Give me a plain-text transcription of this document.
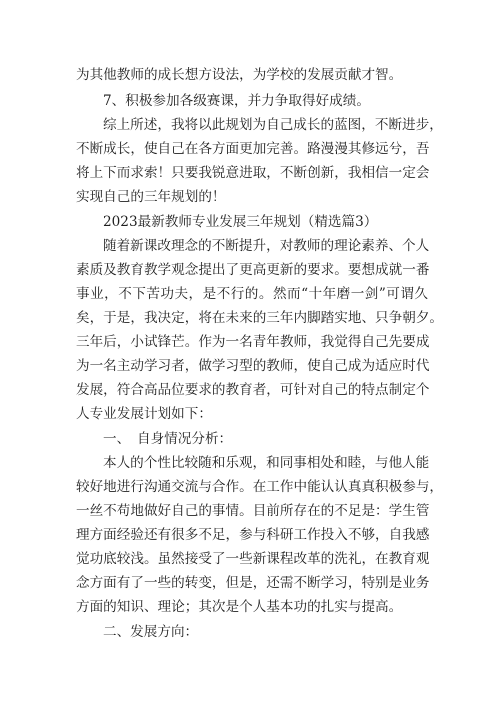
为其他教师的成长想方设法，为学校的发展贡献才智。
7、积极参加各级赛课，并力争取得好成绩。
综上所述，我将以此规划为自己成长的蓝图，不断进步，
不断成长，使自己在各方面更加完善。路漫漫其修远兮，吾
将上下而求索！只要我锐意进取，不断创新，我相信一定会
实现自己的三年规划的！
2023最新教师专业发展三年规划（精选篇3）
随着新课改理念的不断提升，对教师的理论素养、个人
素质及教育教学观念提出了更高更新的要求。要想成就一番
事业，不下苦功夫，是不行的。然而“十年磨一剑”可谓久
矣，于是，我决定，将在未来的三年内脚踏实地、只争朝夕。
三年后，小试锋芒。作为一名青年教师，我觉得自己先要成
为一名主动学习者，做学习型的教师，使自己成为适应时代
发展，符合高品位要求的教育者，可针对自己的特点制定个
人专业发展计划如下：
一、　自身情况分析：
本人的个性比较随和乐观，和同事相处和睦，与他人能
较好地进行沟通交流与合作。在工作中能认认真真积极参与，
一丝不苟地做好自己的事情。目前所存在的不足是：学生管
理方面经验还有很多不足，参与科研工作投入不够，自我感
觉功底较浅。虽然接受了一些新课程改革的洗礼，在教育观
念方面有了一些的转变，但是，还需不断学习，特别是业务
方面的知识、理论；其次是个人基本功的扎实与提高。
二、发展方向：
